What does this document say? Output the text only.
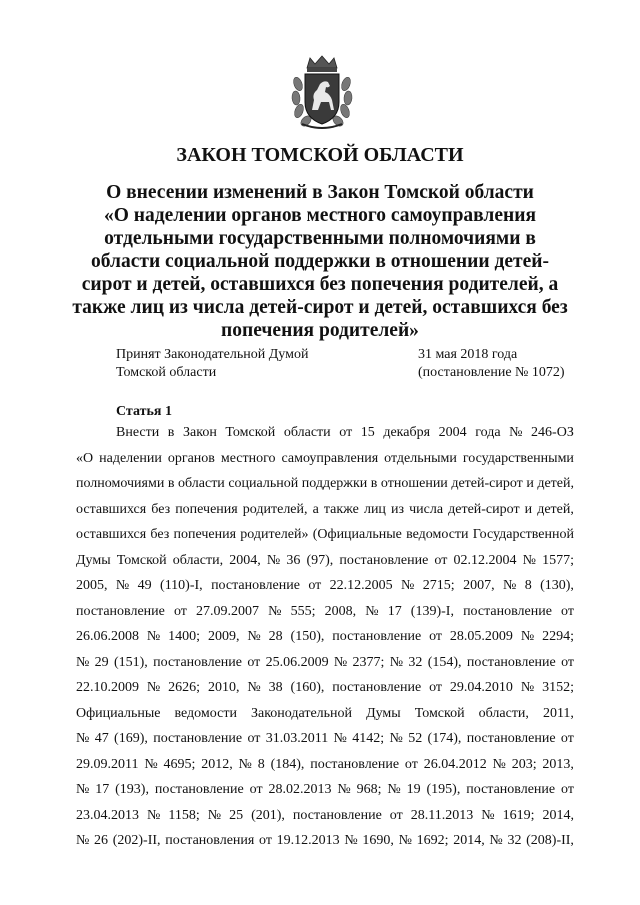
ЗАКОН ТОМСКОЙ ОБЛАСТИ
О внесении изменений в Закон Томской области
«О наделении органов местного самоуправления
отдельными государственными полномочиями в
области социальной поддержки в отношении детей-
сирот и детей, оставшихся без попечения родителей, а
также лиц из числа детей-сирот и детей, оставшихся без
попечения родителей»
Принят Законодательной Думой
Томской области
31 мая 2018 года
(постановление № 1072)
Статья 1
Внести в Закон Томской области от 15 декабря 2004 года № 246-ОЗ
«О наделении органов местного самоуправления отдельными государственными
полномочиями в области социальной поддержки в отношении детей-сирот и детей,
оставшихся без попечения родителей, а также лиц из числа детей-сирот и детей,
оставшихся без попечения родителей» (Официальные ведомости Государственной
Думы Томской области, 2004, № 36 (97), постановление от 02.12.2004 № 1577;
2005, № 49 (110)-I, постановление от 22.12.2005 № 2715; 2007, № 8 (130),
постановление от 27.09.2007 № 555; 2008, № 17 (139)-I, постановление от
26.06.2008 № 1400; 2009, № 28 (150), постановление от 28.05.2009 № 2294;
№ 29 (151), постановление от 25.06.2009 № 2377; № 32 (154), постановление от
22.10.2009 № 2626; 2010, № 38 (160), постановление от 29.04.2010 № 3152;
Официальные ведомости Законодательной Думы Томской области, 2011,
№ 47 (169), постановление от 31.03.2011 № 4142; № 52 (174), постановление от
29.09.2011 № 4695; 2012, № 8 (184), постановление от 26.04.2012 № 203; 2013,
№ 17 (193), постановление от 28.02.2013 № 968; № 19 (195), постановление от
23.04.2013 № 1158; № 25 (201), постановление от 28.11.2013 № 1619; 2014,
№ 26 (202)-II, постановления от 19.12.2013 № 1690, № 1692; 2014, № 32 (208)-II,
